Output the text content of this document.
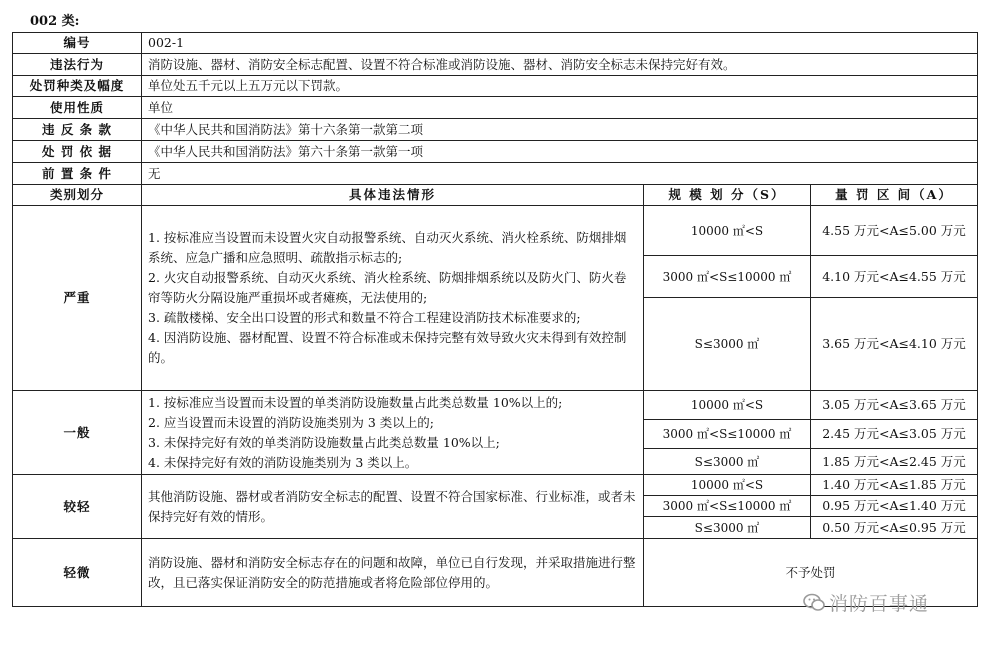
002 类:
编号	002-1		
违法行为	消防设施、器材、消防安全标志配置、设置不符合标准或消防设施、器材、消防安全标志未保持完好有效。		
处罚种类及幅度	单位处五千元以上五万元以下罚款。		
使用性质	单位		
违 反 条 款	《中华人民共和国消防法》第十六条第一款第二项		
处 罚 依 据	《中华人民共和国消防法》第六十条第一款第一项		
前 置 条 件	无		
类别划分	具体违法情形	规 模 划 分（S）	量 罚 区 间（A）
严重	1. 按标准应当设置而未设置火灾自动报警系统、自动灭火系统、消火栓系统、防烟排烟系统、应急广播和应急照明、疏散指示标志的;
2. 火灾自动报警系统、自动灭火系统、消火栓系统、防烟排烟系统以及防火门、防火卷帘等防火分隔设施严重损坏或者瘫痪，无法使用的;
3. 疏散楼梯、安全出口设置的形式和数量不符合工程建设消防技术标准要求的;
4. 因消防设施、器材配置、设置不符合标准或未保持完整有效导致火灾未得到有效控制的。	10000 ㎡<S	4.55 万元<A≤5.00 万元
		3000 ㎡<S≤10000 ㎡	4.10 万元<A≤4.55 万元
		S≤3000 ㎡	3.65 万元<A≤4.10 万元
一般	1. 按标准应当设置而未设置的单类消防设施数量占此类总数量 10%以上的;
2. 应当设置而未设置的消防设施类别为 3 类以上的;
3. 未保持完好有效的单类消防设施数量占此类总数量 10%以上;
4. 未保持完好有效的消防设施类别为 3 类以上。	10000 ㎡<S	3.05 万元<A≤3.65 万元
		3000 ㎡<S≤10000 ㎡	2.45 万元<A≤3.05 万元
		S≤3000 ㎡	1.85 万元<A≤2.45 万元
较轻	其他消防设施、器材或者消防安全标志的配置、设置不符合国家标准、行业标准，或者未保持完好有效的情形。	10000 ㎡<S	1.40 万元<A≤1.85 万元
		3000 ㎡<S≤10000 ㎡	0.95 万元<A≤1.40 万元
		S≤3000 ㎡	0.50 万元<A≤0.95 万元
轻微	消防设施、器材和消防安全标志存在的问题和故障，单位已自行发现，并采取措施进行整改，且已落实保证消防安全的防范措施或者将危险部位停用的。	不予处罚	
消防百事通
